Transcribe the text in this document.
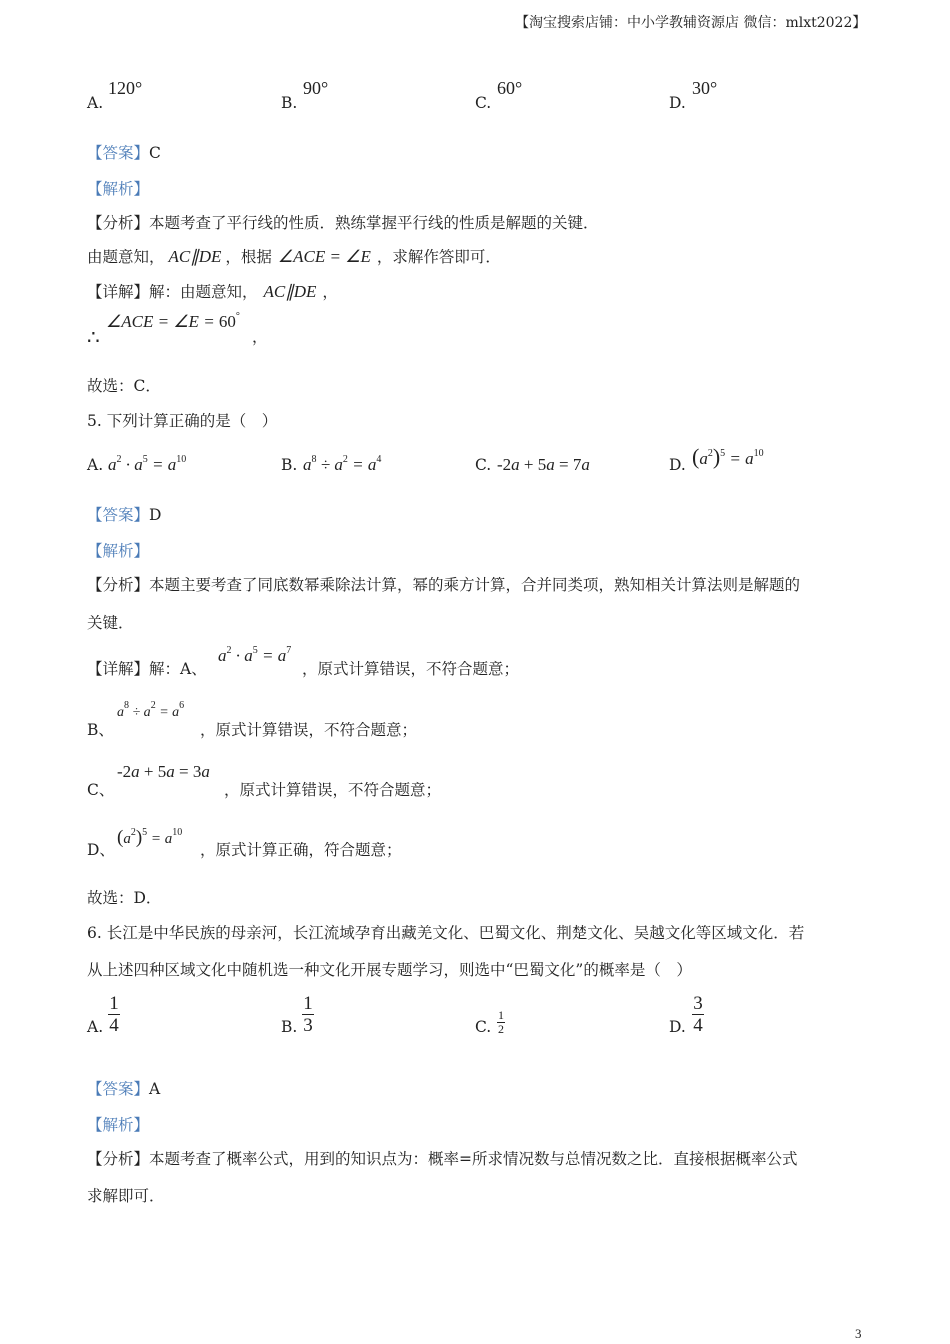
【淘宝搜索店铺：中小学教辅资源店 微信：mlxt2022】
A.
120°
B.
90°
C.
60°
D.
30°
【答案】C
【解析】
【分析】本题考查了平行线的性质．熟练掌握平行线的性质是解题的关键．
由题意知， AC∥DE ，根据 ∠ACE = ∠E ，求解作答即可．
【详解】解：由题意知， AC∥DE ，
∴
∠ACE = ∠E = 60°
，
故选：C．
5. 下列计算正确的是（　）
A. $a^2 \cdot a^5 = a^{10}$	B. $a^8 \div a^2 = a^4$	C. -2a + 5a = 7a	D. $(a^2)^5 = a^{10}$
【答案】D
【解析】
【分析】本题主要考查了同底数幂乘除法计算，幂的乘方计算，合并同类项，熟知相关计算法则是解题的
关键．
【详解】解：A、
$a^2 \cdot a^5 = a^7$
，原式计算错误，不符合题意；
B、
$a^8 \div a^2 = a^6$
，原式计算错误，不符合题意；
C、
-2a + 5a = 3a
，原式计算错误，不符合题意；
D、
$(a^2)^5 = a^{10}$
，原式计算正确，符合题意；
故选：D．
6. 长江是中华民族的母亲河，长江流域孕育出藏羌文化、巴蜀文化、荆楚文化、吴越文化等区域文化．若
从上述四种区域文化中随机选一种文化开展专题学习，则选中“巴蜀文化”的概率是（　）
A.
1
4	B.
1
3	C.
1
2	D.
3
4
【答案】A
【解析】
【分析】本题考查了概率公式，用到的知识点为：概率=所求情况数与总情况数之比．直接根据概率公式
求解即可．
3
